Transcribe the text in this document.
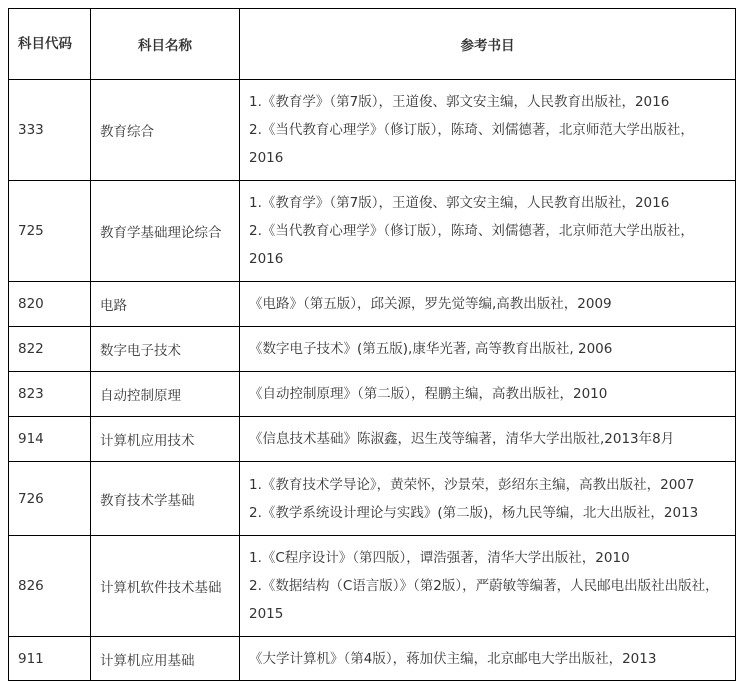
科目代码	科目名称	参考书目
333	教育综合	1.《教育学》（第7版），王道俊、郭文安主编，人民教育出版社，2016
2.《当代教育心理学》（修订版），陈琦、刘儒德著，北京师范大学出版社，2016

725	教育学基础理论综合	1.《教育学》（第7版），王道俊、郭文安主编，人民教育出版社，2016
2.《当代教育心理学》（修订版），陈琦、刘儒德著，北京师范大学出版社，2016

820	电路	《电路》（第五版），邱关源，罗先觉等编,高教出版社，2009

822	数字电子技术	《数字电子技术》(第五版),康华光著, 高等教育出版社, 2006

823	自动控制原理	《自动控制原理》（第二版），程鹏主编，高教出版社，2010

914	计算机应用技术	《信息技术基础》陈淑鑫，迟生茂等编著，清华大学出版社,2013年8月

726	教育技术学基础	1.《教育技术学导论》，黄荣怀，沙景荣，彭绍东主编，高教出版社，2007
2.《教学系统设计理论与实践》(第二版)，杨九民等编，北大出版社，2013

826	计算机软件技术基础	1.《C程序设计》（第四版），谭浩强著，清华大学出版社，2010
2.《数据结构（C语言版）》（第2版），严蔚敏等编著，人民邮电出版社出版社，2015

911	计算机应用基础	《大学计算机》（第4版），蒋加伏主编，北京邮电大学出版社，2013
